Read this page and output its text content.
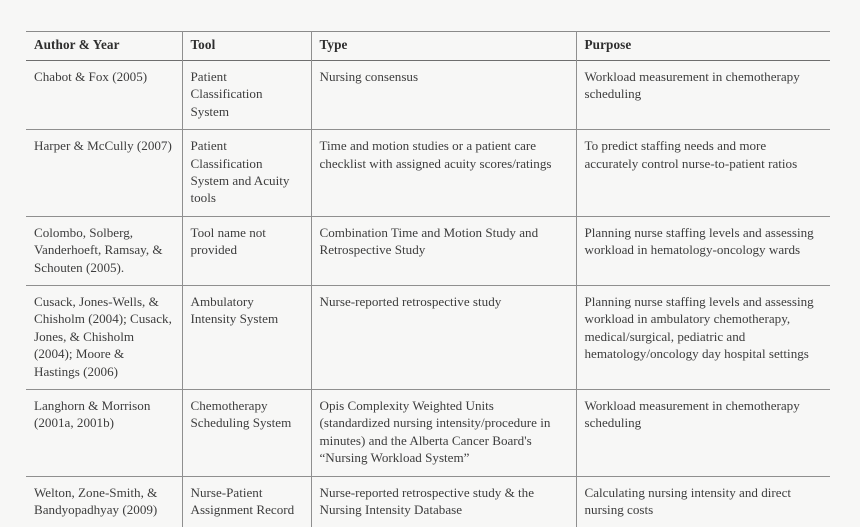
Author & Year	Tool	Type	Purpose
Chabot & Fox (2005)	Patient Classification System	Nursing consensus	Workload measurement in chemotherapy scheduling
Harper & McCully (2007)	Patient Classification System and Acuity tools	Time and motion studies or a patient care checklist with assigned acuity scores/ratings	To predict staffing needs and more accurately control nurse-to-patient ratios
Colombo, Solberg, Vanderhoeft, Ramsay, & Schouten (2005).	Tool name not provided	Combination Time and Motion Study and Retrospective Study	Planning nurse staffing levels and assessing workload in hematology-oncology wards
Cusack, Jones-Wells, & Chisholm (2004); Cusack, Jones, & Chisholm (2004); Moore & Hastings (2006)	Ambulatory Intensity System	Nurse-reported retrospective study	Planning nurse staffing levels and assessing workload in ambulatory chemotherapy, medical/surgical, pediatric and hematology/oncology day hospital settings
Langhorn & Morrison (2001a, 2001b)	Chemotherapy Scheduling System	Opis Complexity Weighted Units (standardized nursing intensity/procedure in minutes) and the Alberta Cancer Board's “Nursing Workload System”	Workload measurement in chemotherapy scheduling
Welton, Zone-Smith, & Bandyopadhyay (2009)	Nurse-Patient Assignment Record	Nurse-reported retrospective study & the Nursing Intensity Database	Calculating nursing intensity and direct nursing costs
